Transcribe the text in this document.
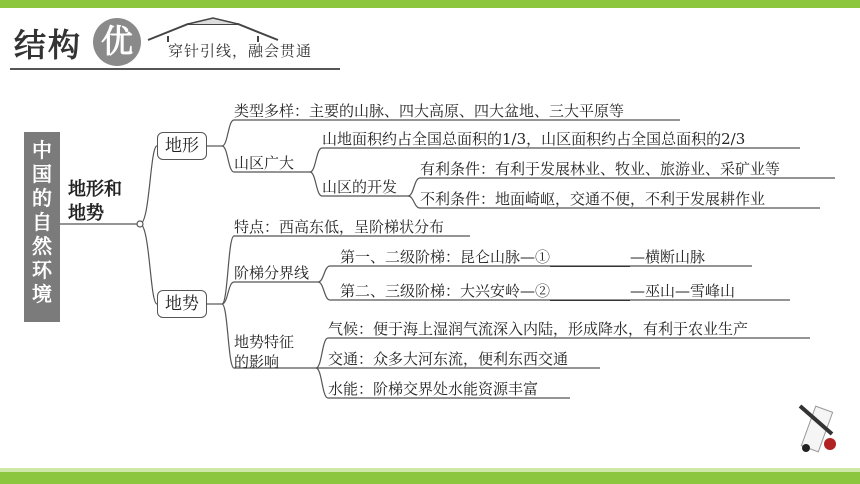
结构 优	穿针引线，融会贯通
中
国
的
自
然
环
境
地形和
地势
地形
类型多样：主要的山脉、四大高原、四大盆地、三大平原等
山区广大
山地面积约占全国总面积的1/3，山区面积约占全国总面积的2/3
山区的开发
有利条件：有利于发展林业、牧业、旅游业、采矿业等
不利条件：地面崎岖，交通不便，不利于发展耕作业
地势
特点：西高东低，呈阶梯状分布
阶梯分界线
第一、二级阶梯：昆仑山脉—①	—横断山脉
第二、三级阶梯：大兴安岭—②	—巫山—雪峰山
地势特征
的影响
气候：便于海上湿润气流深入内陆，形成降水，有利于农业生产
交通：众多大河东流，便利东西交通
水能：阶梯交界处水能资源丰富
